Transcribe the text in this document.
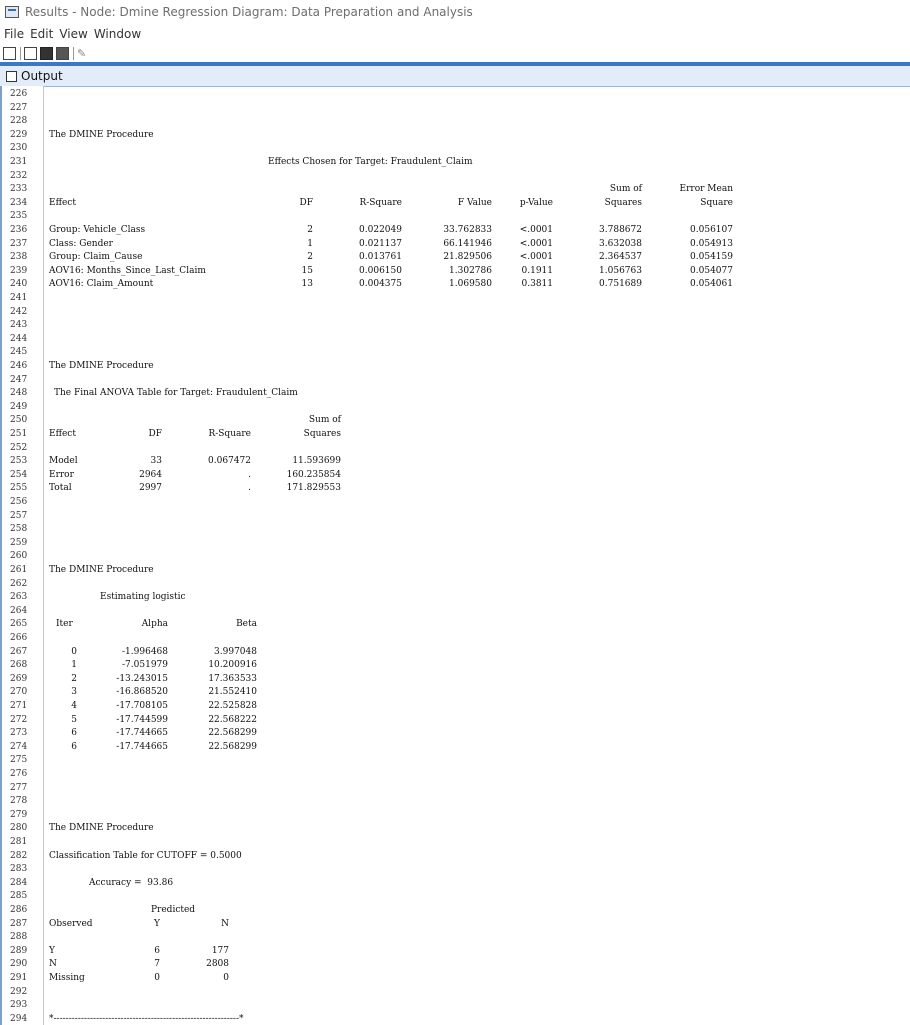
Results - Node: Dmine Regression Diagram: Data Preparation and Analysis
File Edit View Window
✎
Output
226
227
228
229 The DMINE Procedure
230
231	Effects Chosen for Target: Fraudulent_Claim
232
233	Sum of	Error Mean
234 Effect	DF	R-Square	F Value	p-Value	Squares	Square
235
236 Group: Vehicle_Class	2	0.022049	33.762833	<.0001	3.788672	0.056107
237 Class: Gender	1	0.021137	66.141946	<.0001	3.632038	0.054913
238 Group: Claim_Cause	2	0.013761	21.829506	<.0001	2.364537	0.054159
239 AOV16: Months_Since_Last_Claim	15	0.006150	1.302786	0.1911	1.056763	0.054077
240 AOV16: Claim_Amount	13	0.004375	1.069580	0.3811	0.751689	0.054061
241
242
243
244
245
246 The DMINE Procedure
247
248	The Final ANOVA Table for Target: Fraudulent_Claim
249
250	Sum of
251 Effect	DF	R-Square	Squares
252
253 Model	33	0.067472	11.593699
254 Error	2964	.	160.235854
255 Total	2997	.	171.829553
256
257
258
259
260
261 The DMINE Procedure
262
263	Estimating logistic
264
265	Iter	Alpha	Beta
266
267	0	-1.996468	3.997048
268	1	-7.051979	10.200916
269	2	-13.243015	17.363533
270	3	-16.868520	21.552410
271	4	-17.708105	22.525828
272	5	-17.744599	22.568222
273	6	-17.744665	22.568299
274	6	-17.744665	22.568299
275
276
277
278
279
280 The DMINE Procedure
281
282 Classification Table for CUTOFF = 0.5000
283
284	Accuracy =  93.86
285
286	Predicted
287 Observed	Y	N
288
289 Y	6	177
290 N	7	2808
291 Missing	0	0
292
293
294 *-------------------------------------------------------------*
